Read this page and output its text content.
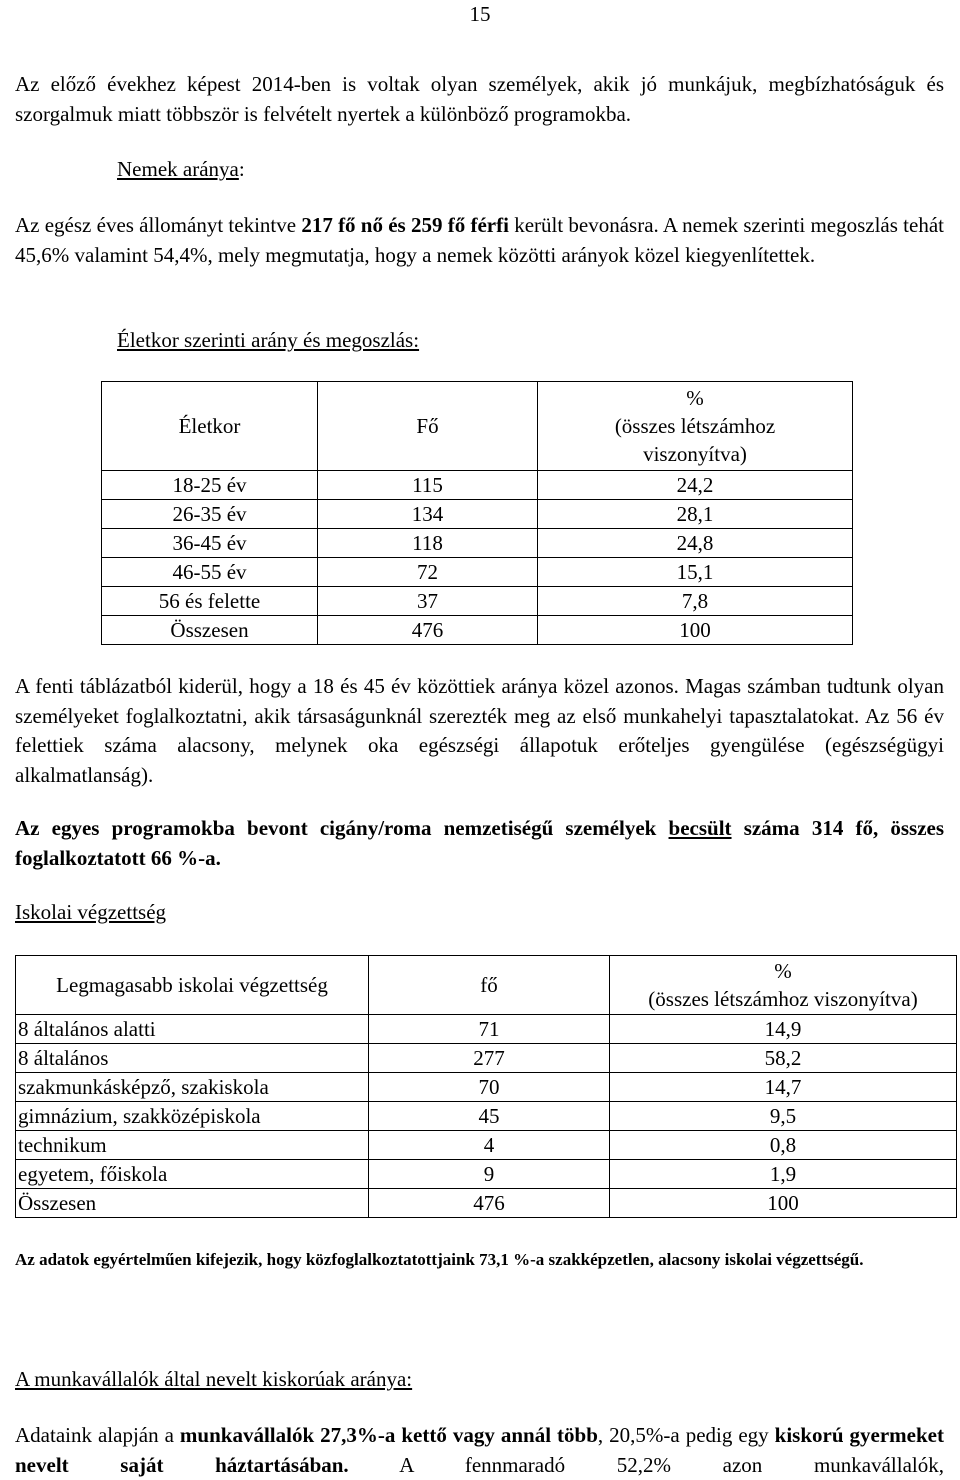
15
Az előző évekhez képest 2014-ben is voltak olyan személyek, akik jó munkájuk, megbízhatóságuk és szorgalmuk miatt többször is felvételt nyertek a különböző programokba.
Nemek aránya:
Az egész éves állományt tekintve 217 fő nő és 259 fő férfi került bevonásra. A nemek szerinti megoszlás tehát 45,6% valamint 54,4%, mely megmutatja, hogy a nemek közötti arányok közel kiegyenlítettek.
Életkor szerinti arány és megoszlás:
Életkor	Fő	%
(összes létszámhoz
viszonyítva)

18-25 év	115	24,2
26-35 év	134	28,1
36-45 év	118	24,8
46-55 év	72	15,1
56 és felette	37	7,8
Összesen	476	100
A fenti táblázatból kiderül, hogy a 18 és 45 év közöttiek aránya közel azonos. Magas számban tudtunk olyan személyeket foglalkoztatni, akik társaságunknál szerezték meg az első munkahelyi tapasztalatokat. Az 56 év felettiek száma alacsony, melynek oka egészségi állapotuk erőteljes gyengülése (egészségügyi alkalmatlanság).
Az egyes programokba bevont cigány/roma nemzetiségű személyek becsült száma 314 fő, összes foglalkoztatott 66 %-a.
Iskolai végzettség
Legmagasabb iskolai végzettség	fő	%
(összes létszámhoz viszonyítva)

8 általános alatti	71	14,9
8 általános	277	58,2
szakmunkásképző, szakiskola	70	14,7
gimnázium, szakközépiskola	45	9,5
technikum	4	0,8
egyetem, főiskola	9	1,9
Összesen	476	100
Az adatok egyértelműen kifejezik, hogy közfoglalkoztatottjaink 73,1 %-a szakképzetlen, alacsony iskolai végzettségű.
A munkavállalók által nevelt kiskorúak aránya:
Adataink alapján a munkavállalók 27,3%-a kettő vagy annál több, 20,5%-a pedig egy kiskorú gyermeket nevelt saját háztartásában. A fennmaradó 52,2% azon munkavállalók,
